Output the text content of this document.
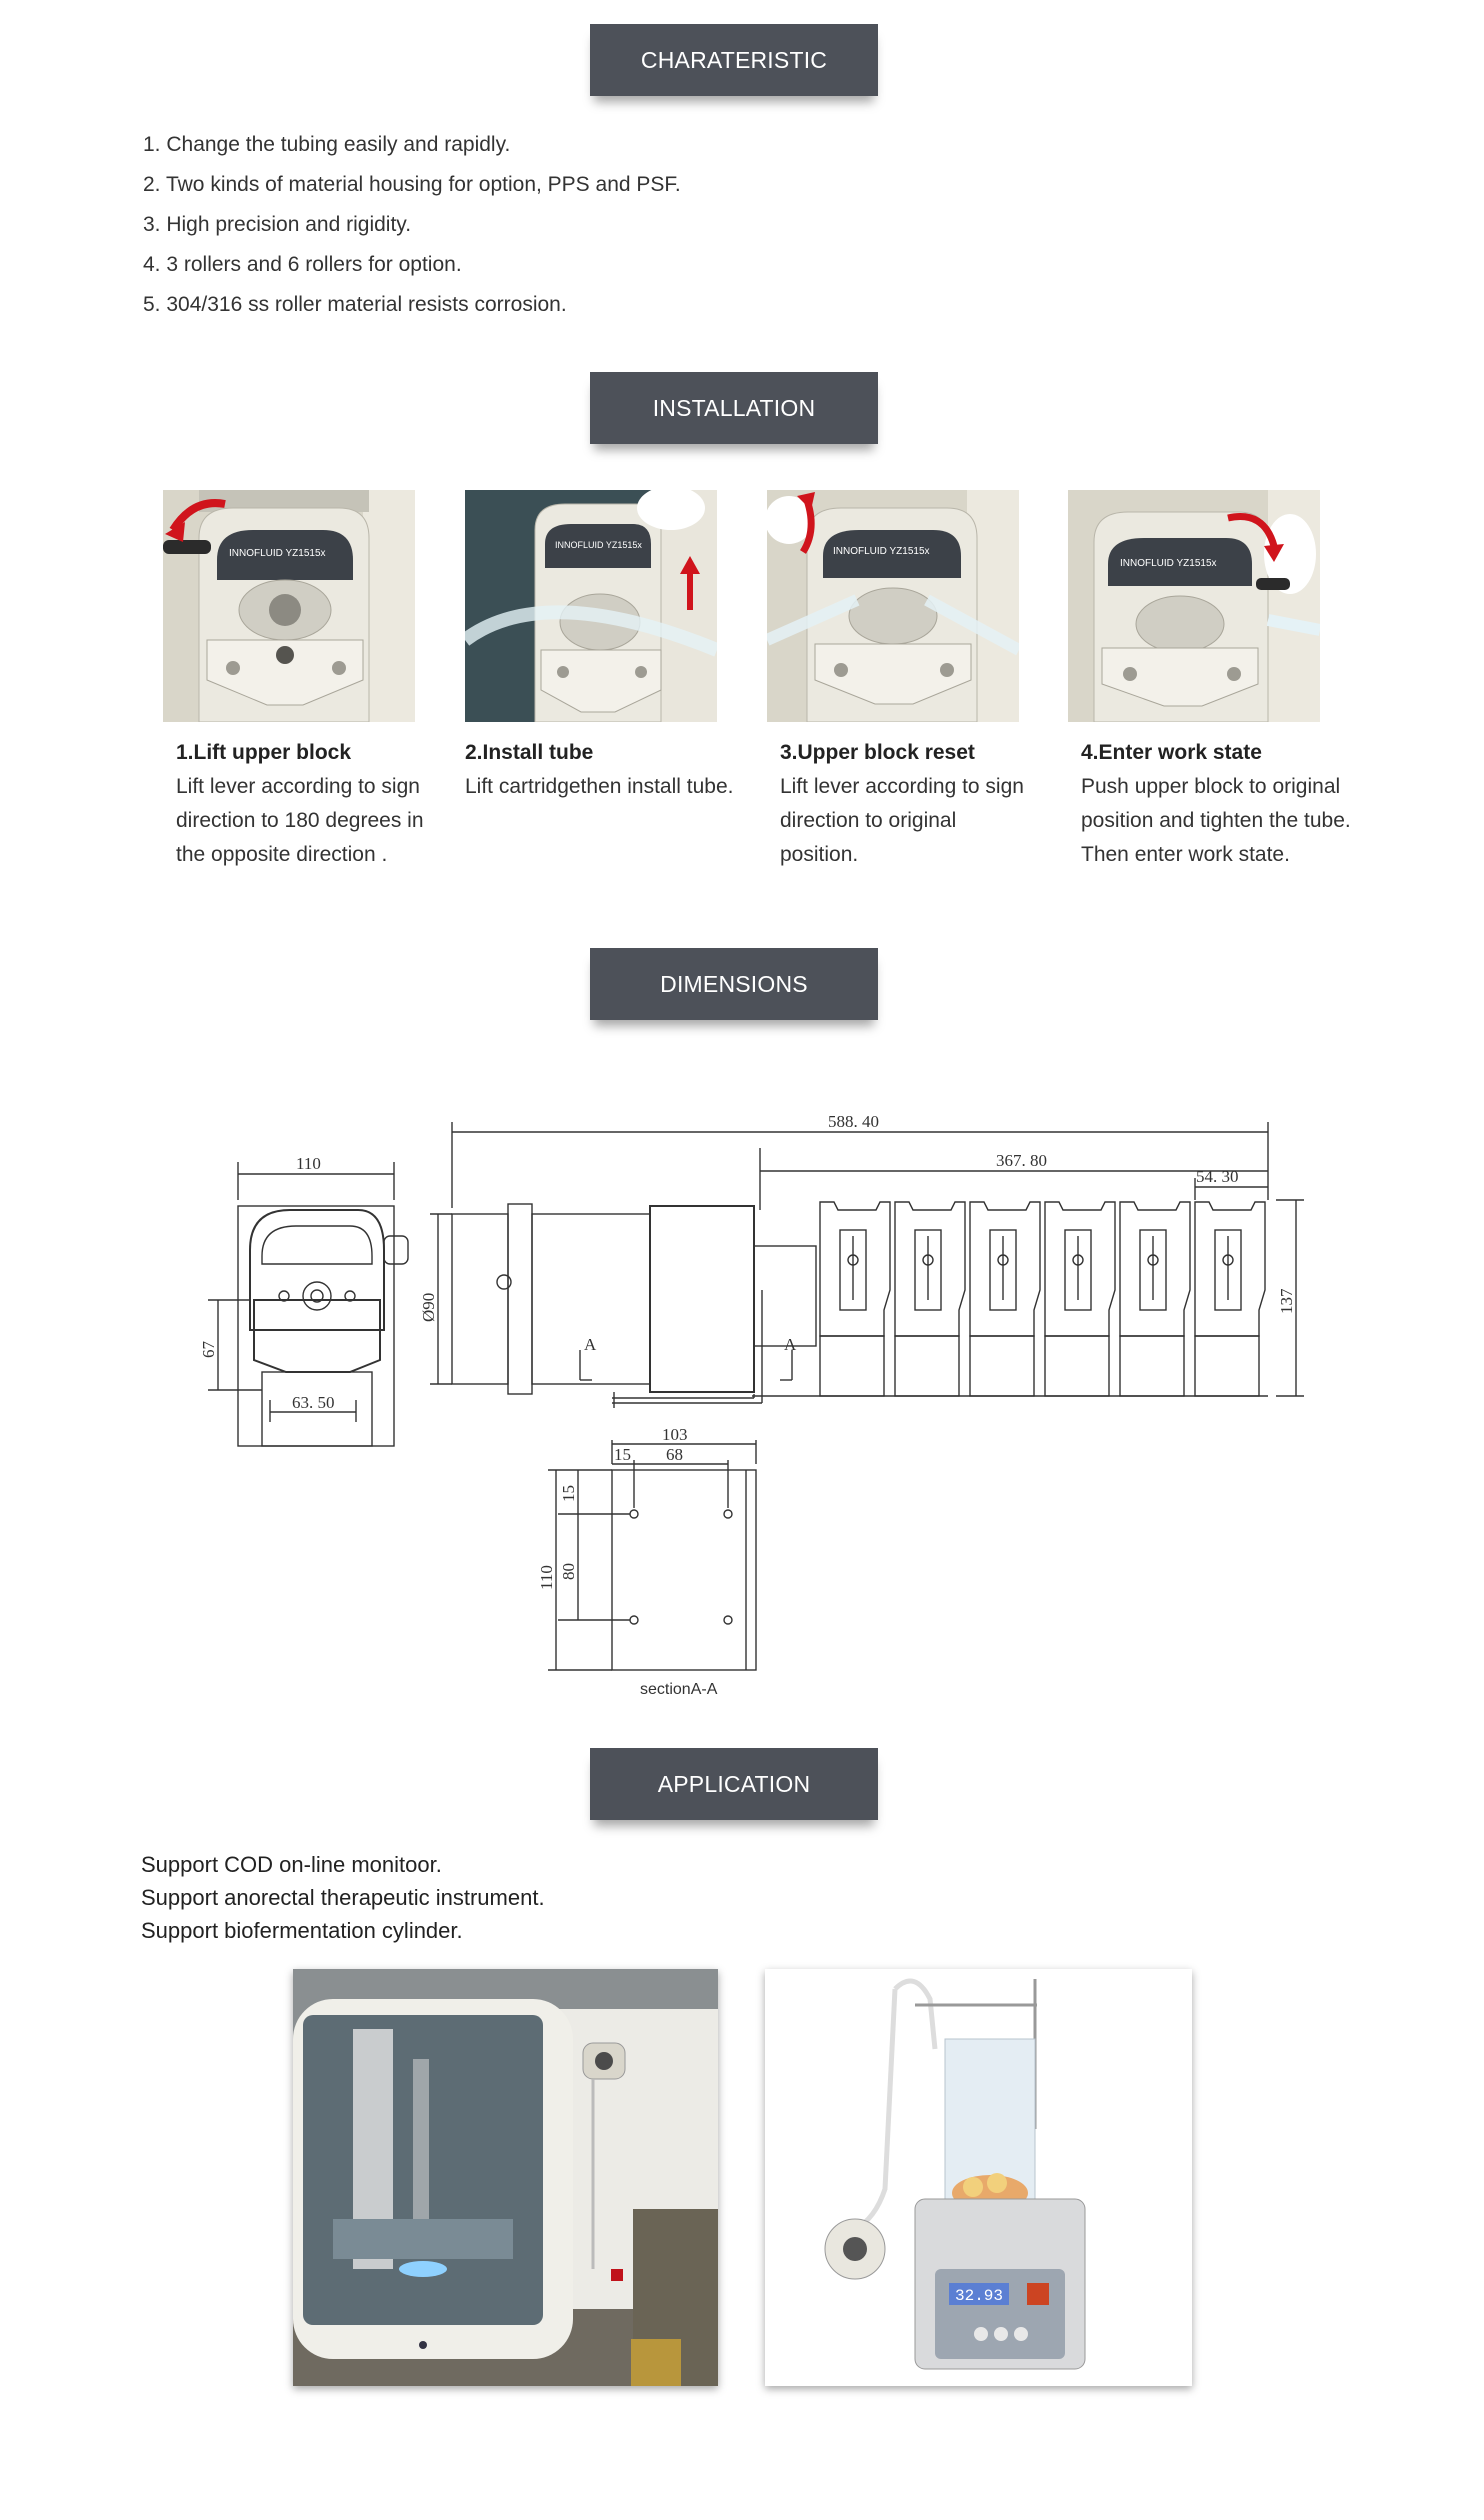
CHARATERISTIC
INSTALLATION
DIMENSIONS
APPLICATION
1. Change the tubing easily and rapidly.
2. Two kinds of material housing for option, PPS and PSF.
3. High precision and rigidity.
4. 3 rollers and 6 rollers for option.
5. 304/316 ss roller material resists corrosion.
INNOFLUID YZ1515x
INNOFLUID YZ1515x
INNOFLUID YZ1515x
INNOFLUID YZ1515x
1.Lift upper block
Lift lever according to sign direction to 180 degrees in the opposite direction .
2.Install tube
Lift cartridgethen install tube.
3.Upper block reset
Lift lever according to sign direction to original position.
4.Enter work state
Push upper block to original position and tighten the tube. Then enter work state.
110
67
63. 50
Ø90
588. 40
367. 80
54. 30
137
A	A
103
15 68
15
80
110
sectionA-A
Support COD on-line monitoor.
Support anorectal therapeutic instrument.
Support biofermentation cylinder.
32.93
